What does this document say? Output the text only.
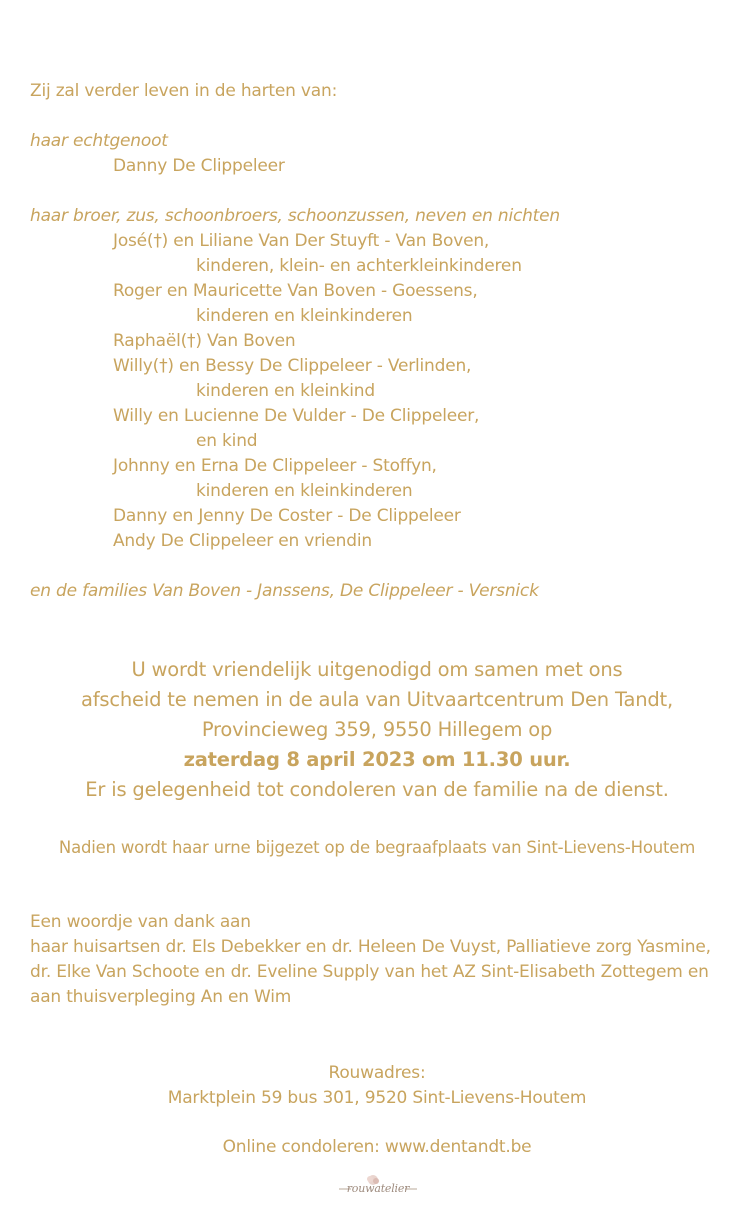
Zij zal verder leven in de harten van:
haar echtgenoot
Danny De Clippeleer
haar broer, zus, schoonbroers, schoonzussen, neven en nichten
José(†) en Liliane Van Der Stuyft - Van Boven,
kinderen, klein- en achterkleinkinderen
Roger en Mauricette Van Boven - Goessens,
kinderen en kleinkinderen
Raphaël(†) Van Boven
Willy(†) en Bessy De Clippeleer - Verlinden,
kinderen en kleinkind
Willy en Lucienne De Vulder - De Clippeleer,
en kind
Johnny en Erna De Clippeleer - Stoffyn,
kinderen en kleinkinderen
Danny en Jenny De Coster - De Clippeleer
Andy De Clippeleer en vriendin
en de families Van Boven - Janssens, De Clippeleer - Versnick
U wordt vriendelijk uitgenodigd om samen met ons
afscheid te nemen in de aula van Uitvaartcentrum Den Tandt,
Provincieweg 359, 9550 Hillegem op
zaterdag 8 april 2023 om 11.30 uur.
Er is gelegenheid tot condoleren van de familie na de dienst.
Nadien wordt haar urne bijgezet op de begraafplaats van Sint-Lievens-Houtem
Een woordje van dank aan
haar huisartsen dr. Els Debekker en dr. Heleen De Vuyst, Palliatieve zorg Yasmine,
dr. Elke Van Schoote en dr. Eveline Supply van het AZ Sint-Elisabeth Zottegem en
aan thuisverpleging An en Wim
Rouwadres:
Marktplein 59 bus 301, 9520 Sint-Lievens-Houtem
Online condoleren: www.dentandt.be
rouwatelier
